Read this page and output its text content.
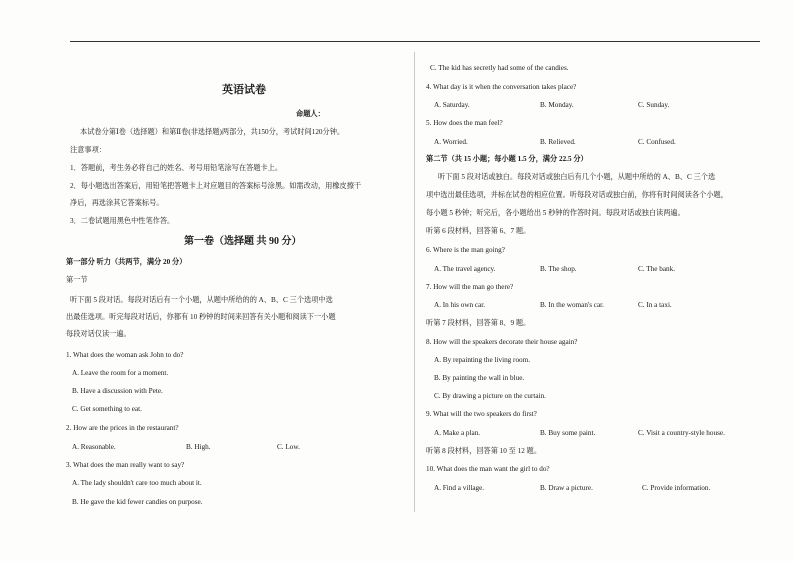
英语试卷
命题人：
本试卷分第Ⅰ卷（选择题）和第Ⅱ卷(非选择题)两部分，共150分，考试时间120分钟。
注意事项：
1．答题前，考生务必将自己的姓名、考号用铅笔涂写在答题卡上。
2．每小题选出答案后，用铅笔把答题卡上对应题目的答案标号涂黑。如需改动，用橡皮擦干
净后，再选涂其它答案标号。
3．二卷试题用黑色中性笔作答。
第一卷（选择题 共 90 分）
第一部分 听力（共两节，满分 20 分）
第一节
听下面 5 段对话。每段对话后有一个小题，从题中所给的的 A、B、C 三个选项中选
出最佳选项。听完每段对话后，你都有 10 秒钟的时间来回答有关小题和阅读下一小题
每段对话仅读一遍。
1. What does the woman ask John to do?
A. Leave the room for a moment.
B. Have a discussion with Pete.
C. Get something to eat.
2. How are the prices in the restaurant?
A. Reasonable.	B. High.	C. Low.
3. What does the man really want to say?
A. The lady shouldn't care too much about it.
B. He gave the kid fewer candies on purpose.
C. The kid has secretly had some of the candies.
4. What day is it when the conversation takes place?
A. Saturday.	B. Monday.	C. Sunday.
5. How does the man feel?
A. Worried.	B. Relieved.	C. Confused.
第二节（共 15 小题；每小题 1.5 分，满分 22.5 分）
听下面 5 段对话或独白。每段对话或独白后有几个小题，从题中所给的 A、B、C 三个选
项中选出最佳选项，并标在试卷的相应位置。听每段对话或独白前，你将有时间阅读各个小题，
每小题 5 秒钟；听完后，各小题给出 5 秒钟的作答时间。每段对话或独白读两遍。
听第 6 段材料，回答第 6、7 题。
6. Where is the man going?
A. The travel agency.	B. The shop.	C. The bank.
7. How will the man go there?
A. In his own car.	B. In the woman's car.	C. In a taxi.
听第 7 段材料，回答第 8、9 题。
8. How will the speakers decorate their house again?
A. By repainting the living room.
B. By painting the wall in blue.
C. By drawing a picture on the curtain.
9. What will the two speakers do first?
A. Make a plan.	B. Buy some paint.	C. Visit a country-style house.
听第 8 段材料，回答第 10 至 12 题。
10. What does the man want the girl to do?
A. Find a village.	B. Draw a picture.	C. Provide information.
